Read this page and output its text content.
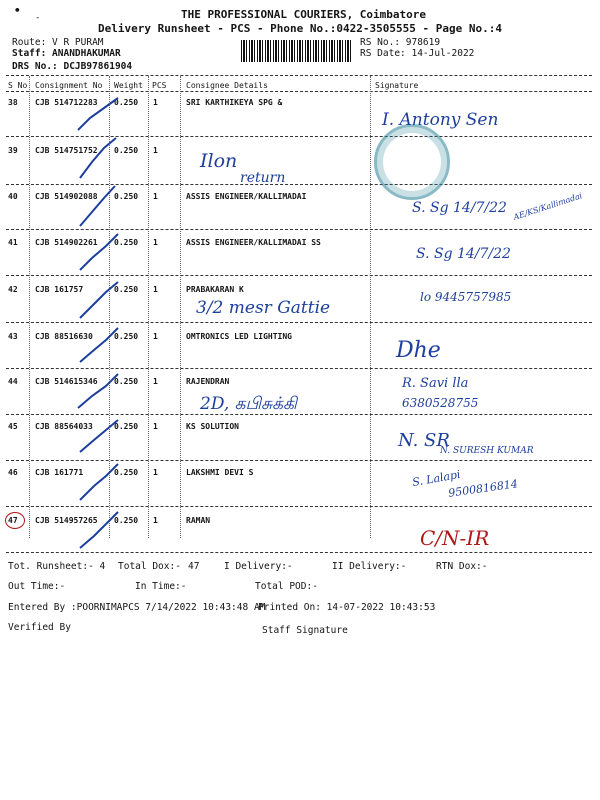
•
-	THE PROFESSIONAL COURIERS, Coimbatore
Delivery Runsheet - PCS - Phone No.:0422-3505555 - Page No.:4
Route: V R PURAM
Staff: ANANDHAKUMAR
DRS No.: DCJB97861904
RS No.: 978619
RS Date: 14-Jul-2022
S No Consignment No Weight PCS Consignee Details	Signature
38 CJB 514712283 0.250 1	SRI KARTHIKEYA SPG &
39 CJB 514751752 0.250 1
40 CJB 514902088 0.250 1	ASSIS ENGINEER/KALLIMADAI
41 CJB 514902261 0.250 1	ASSIS ENGINEER/KALLIMADAI SS
42 CJB 161757	0.250 1	PRABAKARAN K
43 CJB 88516630	0.250 1	OMTRONICS LED LIGHTING
44 CJB 514615346 0.250 1	RAJENDRAN
45 CJB 88564033	0.250 1	KS SOLUTION
46 CJB 161771	0.250 1	LAKSHMI DEVI S
47 CJB 514957265 0.250 1	RAMAN
I. Antony Sen
Ilon
return
S. Sg 14/7/22 AE/KS/Kallimadai
S. Sg 14/7/22
3/2 mesr Gattie
lo 9445757985
Dhe
2D, கபிசுக்கி
R. Savi lla
6380528755
N. SR
N. SURESH KUMAR
S. Lalapi
9500816814
C/N-IR
Tot. Runsheet:- 4 Total Dox:- 47	I Delivery:-	II Delivery:-	RTN Dox:-
Out Time:-	In Time:-	Total POD:-
Entered By :POORNIMAPCS 7/14/2022 10:43:48 AM
Printed On: 14-07-2022 10:43:53
Verified By	Staff Signature
